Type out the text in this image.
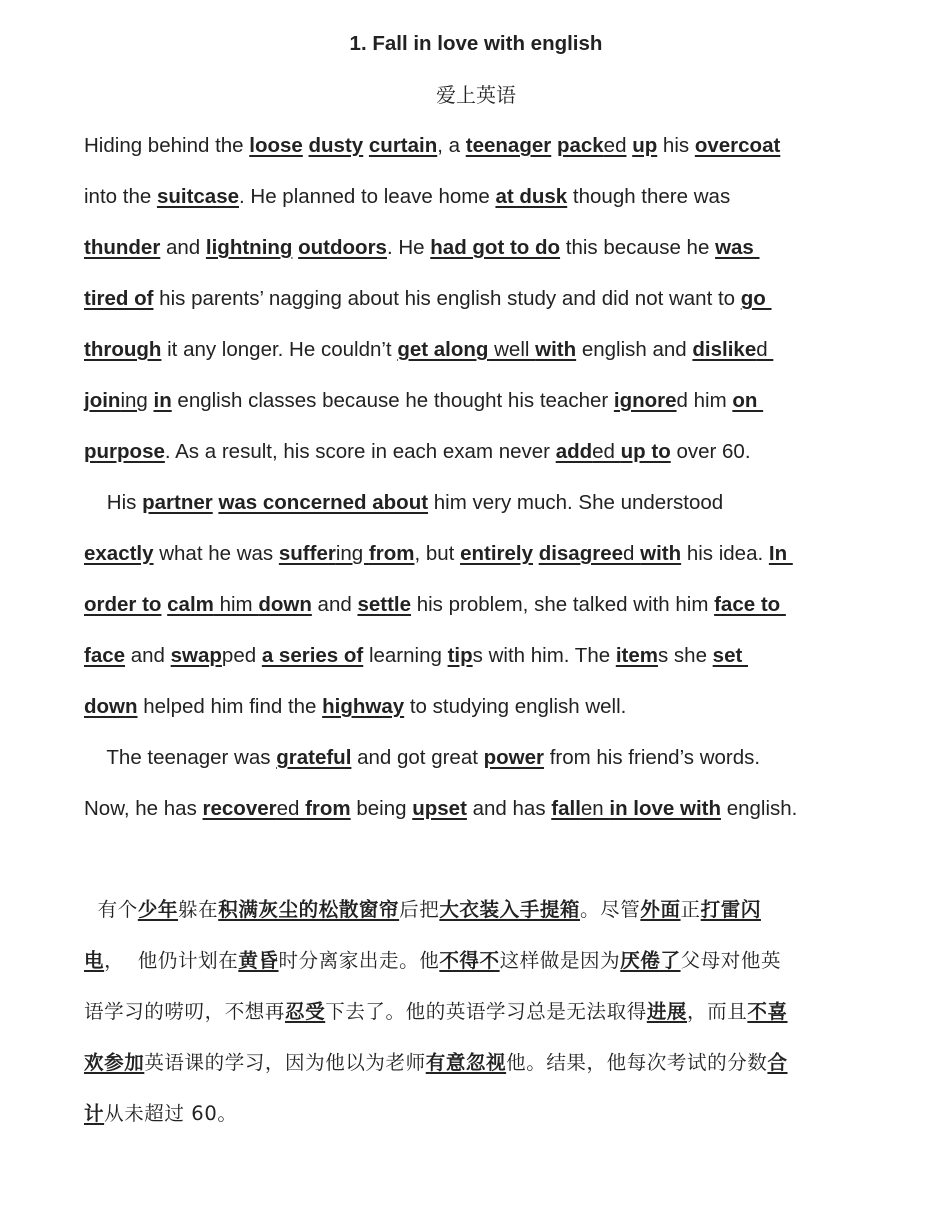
1. Fall in love with english
爱上英语
Hiding behind the loose dusty curtain, a teenager packed up his overcoat
into the suitcase. He planned to leave home at dusk though there was
thunder and lightning outdoors. He had got to do this because he was
tired of his parents’ nagging about his english study and did not want to go
through it any longer. He couldn’t get along well with english and disliked
joining in english classes because he thought his teacher ignored him on
purpose. As a result, his score in each exam never added up to over 60.
His partner was concerned about him very much. She understood
exactly what he was suffering from, but entirely disagreed with his idea. In
order to calm him down and settle his problem, she talked with him face to
face and swapped a series of learning tips with him. The items she set
down helped him find the highway to studying english well.
The teenager was grateful and got great power from his friend’s words.
Now, he has recovered from being upset and has fallen in love with english.
有个少年躲在积满灰尘的松散窗帘后把大衣装入手提箱。尽管外面正打雷闪
电，  他仍计划在黄昏时分离家出走。他不得不这样做是因为厌倦了父母对他英
语学习的唠叨，不想再忍受下去了。他的英语学习总是无法取得进展，而且不喜
欢参加英语课的学习，因为他以为老师有意忽视他。结果，他每次考试的分数合
计从未超过 60。
